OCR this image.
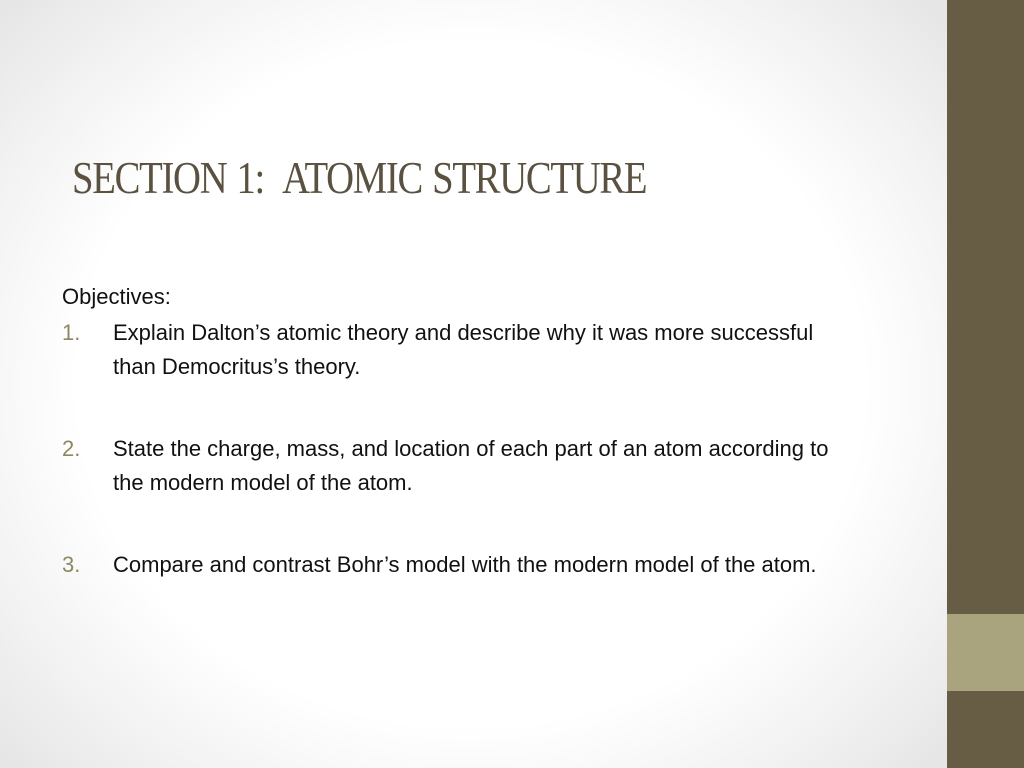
SECTION 1:  ATOMIC STRUCTURE

Objectives:

1. Explain Dalton’s atomic theory and describe why it was more successful than Democritus’s theory.
2. State the charge, mass, and location of each part of an atom according to the modern model of the atom.
3. Compare and contrast Bohr’s model with the modern model of the atom.
